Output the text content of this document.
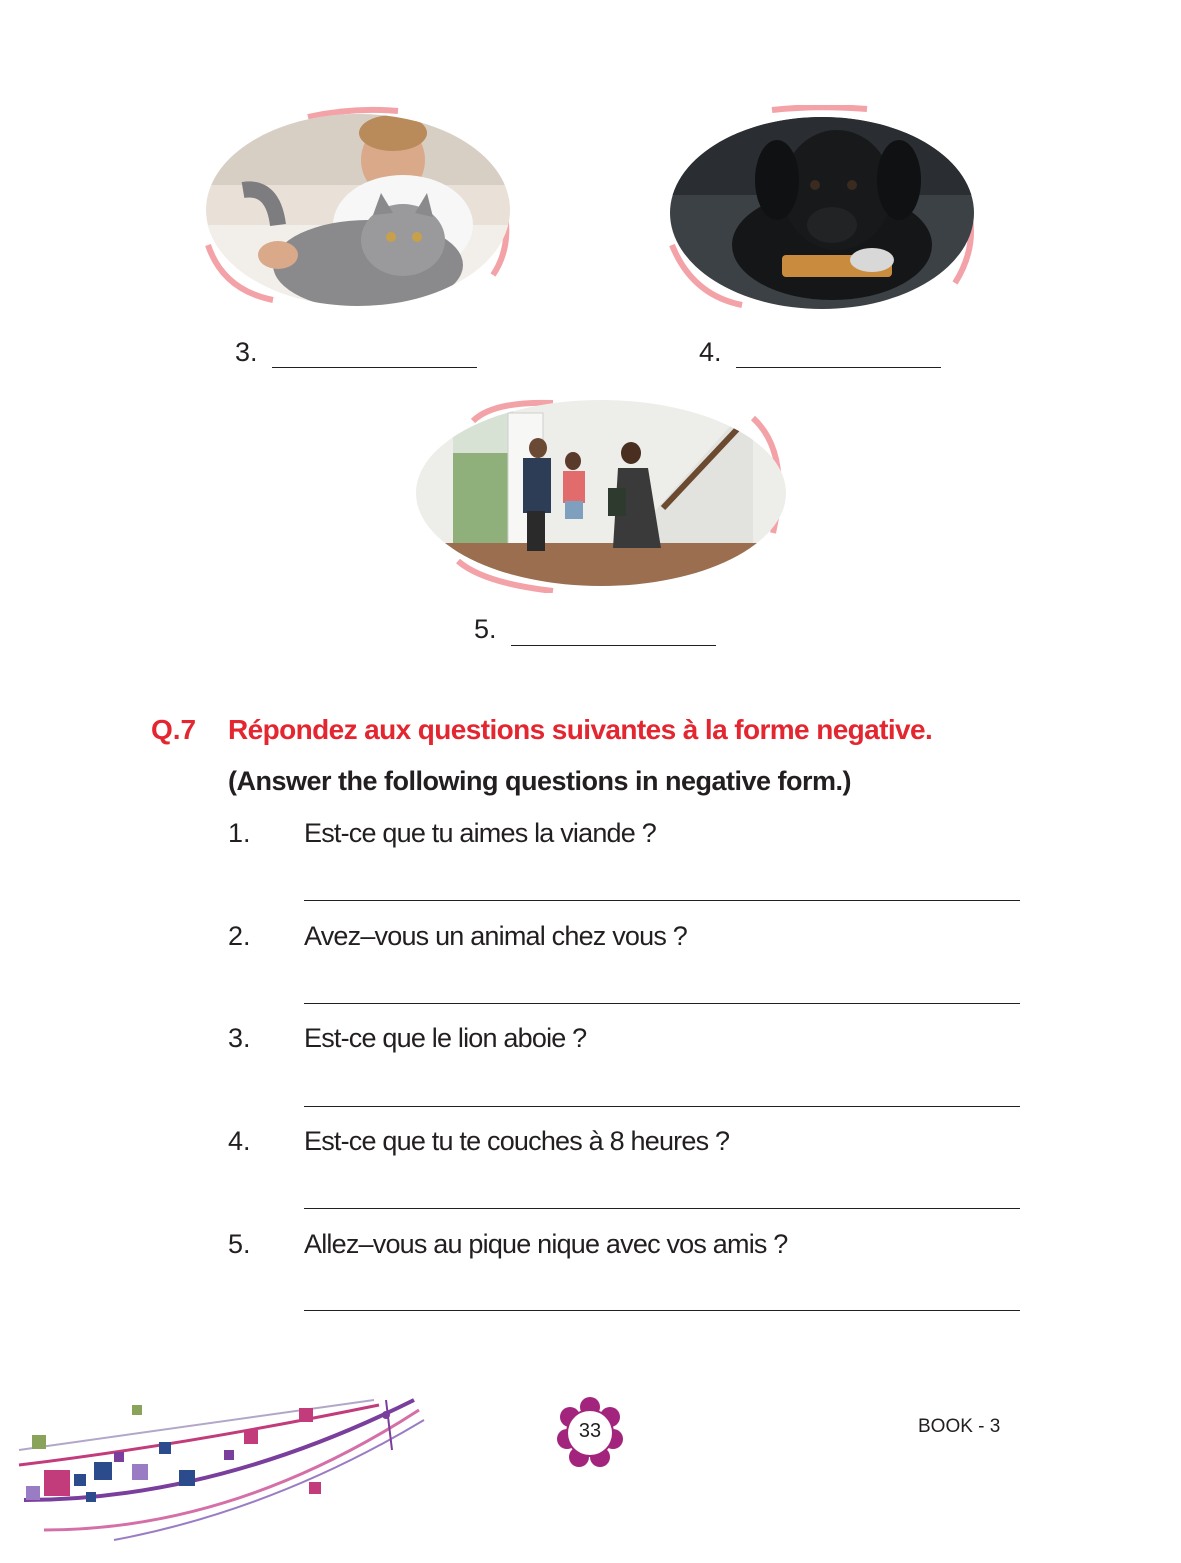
3.	4.
5.
Q.7 Répondez aux questions suivantes à la forme negative.
(Answer the following questions in negative form.)
1. Est-ce que tu aimes la viande ?
2. Avez–vous un animal chez vous ?
3. Est-ce que le lion aboie ?
4. Est-ce que tu te couches à 8 heures ?
5. Allez–vous au pique nique avec vos amis ?
33	BOOK - 3
